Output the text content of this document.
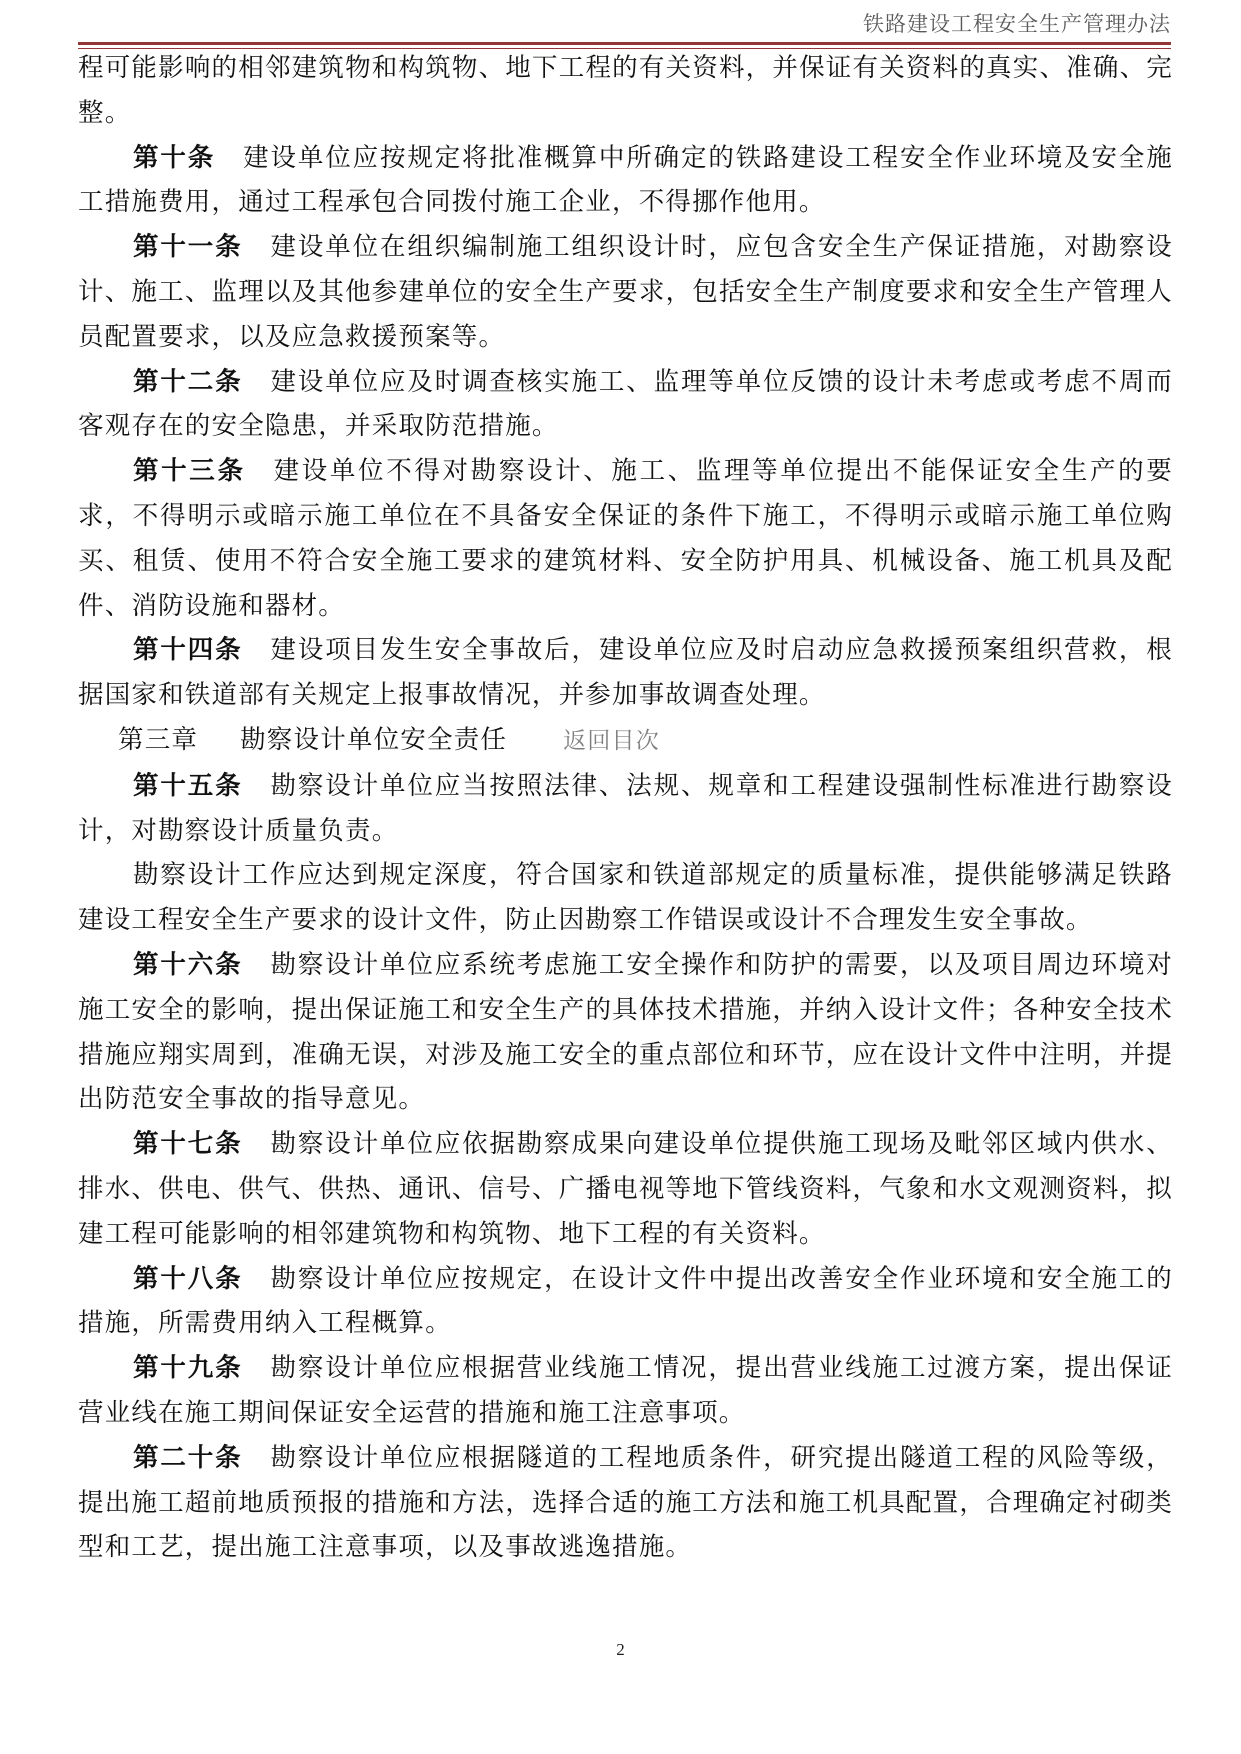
铁路建设工程安全生产管理办法

程可能影响的相邻建筑物和构筑物、地下工程的有关资料，并保证有关资料的真实、准确、完整。

第十条 建设单位应按规定将批准概算中所确定的铁路建设工程安全作业环境及安全施工措施费用，通过工程承包合同拨付施工企业，不得挪作他用。

第十一条 建设单位在组织编制施工组织设计时，应包含安全生产保证措施，对勘察设计、施工、监理以及其他参建单位的安全生产要求，包括安全生产制度要求和安全生产管理人员配置要求，以及应急救援预案等。

第十二条 建设单位应及时调查核实施工、监理等单位反馈的设计未考虑或考虑不周而客观存在的安全隐患，并采取防范措施。

第十三条 建设单位不得对勘察设计、施工、监理等单位提出不能保证安全生产的要求，不得明示或暗示施工单位在不具备安全保证的条件下施工，不得明示或暗示施工单位购买、租赁、使用不符合安全施工要求的建筑材料、安全防护用具、机械设备、施工机具及配件、消防设施和器材。

第十四条 建设项目发生安全事故后，建设单位应及时启动应急救援预案组织营救，根据国家和铁道部有关规定上报事故情况，并参加事故调查处理。

第三章 勘察设计单位安全责任 返回目次

第十五条 勘察设计单位应当按照法律、法规、规章和工程建设强制性标准进行勘察设计，对勘察设计质量负责。

勘察设计工作应达到规定深度，符合国家和铁道部规定的质量标准，提供能够满足铁路建设工程安全生产要求的设计文件，防止因勘察工作错误或设计不合理发生安全事故。

第十六条 勘察设计单位应系统考虑施工安全操作和防护的需要，以及项目周边环境对施工安全的影响，提出保证施工和安全生产的具体技术措施，并纳入设计文件；各种安全技术措施应翔实周到，准确无误，对涉及施工安全的重点部位和环节，应在设计文件中注明，并提出防范安全事故的指导意见。

第十七条 勘察设计单位应依据勘察成果向建设单位提供施工现场及毗邻区域内供水、排水、供电、供气、供热、通讯、信号、广播电视等地下管线资料，气象和水文观测资料，拟建工程可能影响的相邻建筑物和构筑物、地下工程的有关资料。

第十八条 勘察设计单位应按规定，在设计文件中提出改善安全作业环境和安全施工的措施，所需费用纳入工程概算。

第十九条 勘察设计单位应根据营业线施工情况，提出营业线施工过渡方案，提出保证营业线在施工期间保证安全运营的措施和施工注意事项。

第二十条 勘察设计单位应根据隧道的工程地质条件，研究提出隧道工程的风险等级，提出施工超前地质预报的措施和方法，选择合适的施工方法和施工机具配置，合理确定衬砌类型和工艺，提出施工注意事项，以及事故逃逸措施。

2
